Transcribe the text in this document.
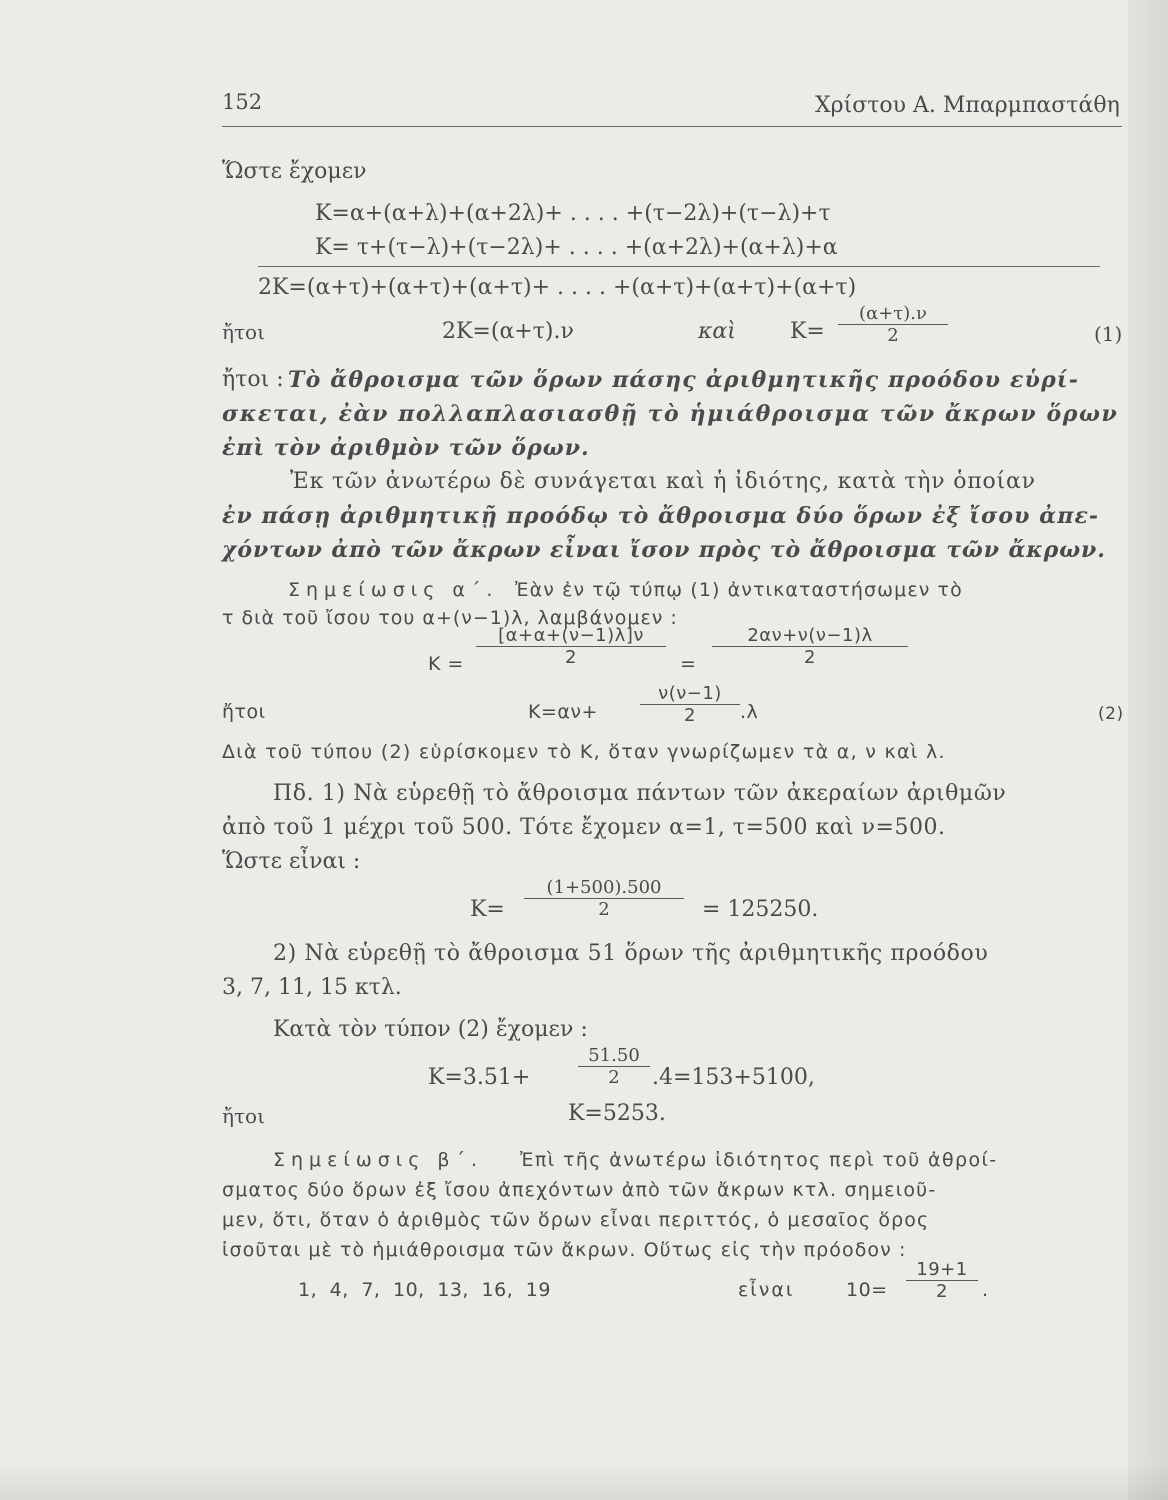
152	Χρίστου Α. Μπαρμπαστάθη
Ὥστε ἔχομεν
K=α+(α+λ)+(α+2λ)+ . . . . +(τ−2λ)+(τ−λ)+τ
K= τ+(τ−λ)+(τ−2λ)+ . . . . +(α+2λ)+(α+λ)+α
2K=(α+τ)+(α+τ)+(α+τ)+ . . . . +(α+τ)+(α+τ)+(α+τ)
ἤτοι	2K=(α+τ).ν	καὶ K=
(α+τ).ν
2	(1)
ἤτοι : Τὸ ἄθροισμα τῶν ὅρων πάσης ἀριθμητικῆς προόδου εὑρί-
σκεται, ἐὰν πολλαπλασιασθῇ τὸ ἡμιάθροισμα τῶν ἄκρων ὅρων
ἐπὶ τὸν ἀριθμὸν τῶν ὅρων.
Ἐκ τῶν ἀνωτέρω δὲ συνάγεται καὶ ἡ ἰδιότης, κατὰ τὴν ὁποίαν
ἐν πάσῃ ἀριθμητικῇ προόδῳ τὸ ἄθροισμα δύο ὅρων ἐξ ἴσου ἀπε-
χόντων ἀπὸ τῶν ἄκρων εἶναι ἴσον πρὸς τὸ ἄθροισμα τῶν ἄκρων.
Σημείωσις α΄. Ἐὰν ἐν τῷ τύπῳ (1) ἀντικαταστήσωμεν τὸ
τ διὰ τοῦ ἴσου του α+(ν−1)λ, λαμβάνομεν :
K =
[α+α+(ν−1)λ]ν
2	=
2αν+ν(ν−1)λ
2
ἤτοι	K=αν+
ν(ν−1)
2	.λ	(2)
Διὰ τοῦ τύπου (2) εὑρίσκομεν τὸ K, ὅταν γνωρίζωμεν τὰ α, ν καὶ λ.
Πδ. 1) Νὰ εὑρεθῇ τὸ ἄθροισμα πάντων τῶν ἀκεραίων ἀριθμῶν
ἀπὸ τοῦ 1 μέχρι τοῦ 500. Τότε ἔχομεν α=1, τ=500 καὶ ν=500.
Ὥστε εἶναι :
K=
(1+500).500
2	= 125250.
2) Νὰ εὑρεθῇ τὸ ἄθροισμα 51 ὅρων τῆς ἀριθμητικῆς προόδου
3, 7, 11, 15 κτλ.
Κατὰ τὸν τύπον (2) ἔχομεν :
K=3.51+
51.50
2	.4=153+5100,
ἤτοι	K=5253.
Σημείωσις β΄. Ἐπὶ τῆς ἀνωτέρω ἰδιότητος περὶ τοῦ ἀθροί-
σματος δύο ὅρων ἐξ ἴσου ἀπεχόντων ἀπὸ τῶν ἄκρων κτλ. σημειοῦ-
μεν, ὅτι, ὅταν ὁ ἀριθμὸς τῶν ὅρων εἶναι περιττός, ὁ μεσαῖος ὅρος
ἰσοῦται μὲ τὸ ἡμιάθροισμα τῶν ἄκρων. Οὕτως εἰς τὴν πρόοδον :
1, 4, 7, 10, 13, 16, 19	εἶναι	10=
19+1
2	.
